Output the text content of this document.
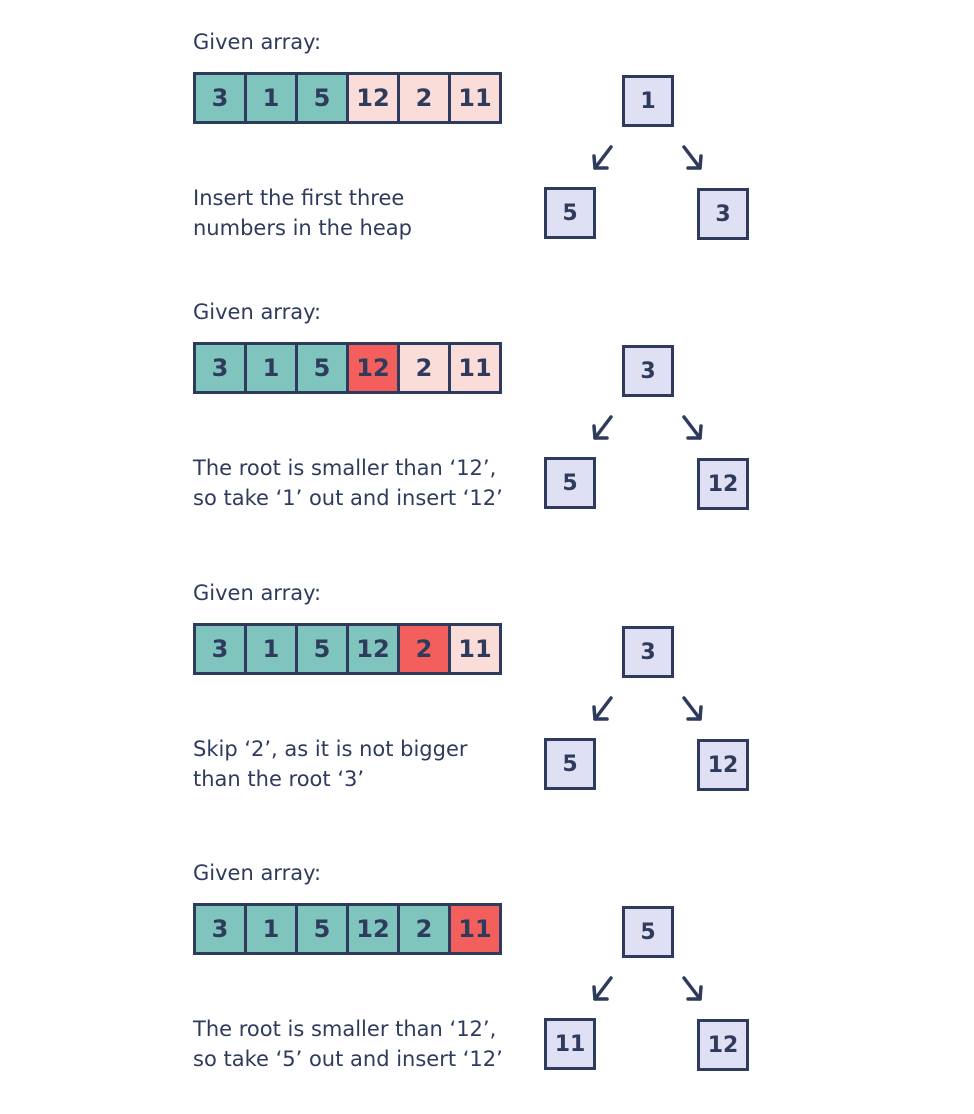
Given array:
3	1	5	12	2	11	1
5	3
Insert the first three
numbers in the heap
Given array:
3	1	5	12	2	11	3
5	12
The root is smaller than ‘12’,
so take ‘1’ out and insert ‘12’
Given array:
3	1	5	12	2	11	3
5	12
Skip ‘2’, as it is not bigger
than the root ‘3’
Given array:
3	1	5	12	2	11	5
11	12
The root is smaller than ‘12’,
so take ‘5’ out and insert ‘12’
